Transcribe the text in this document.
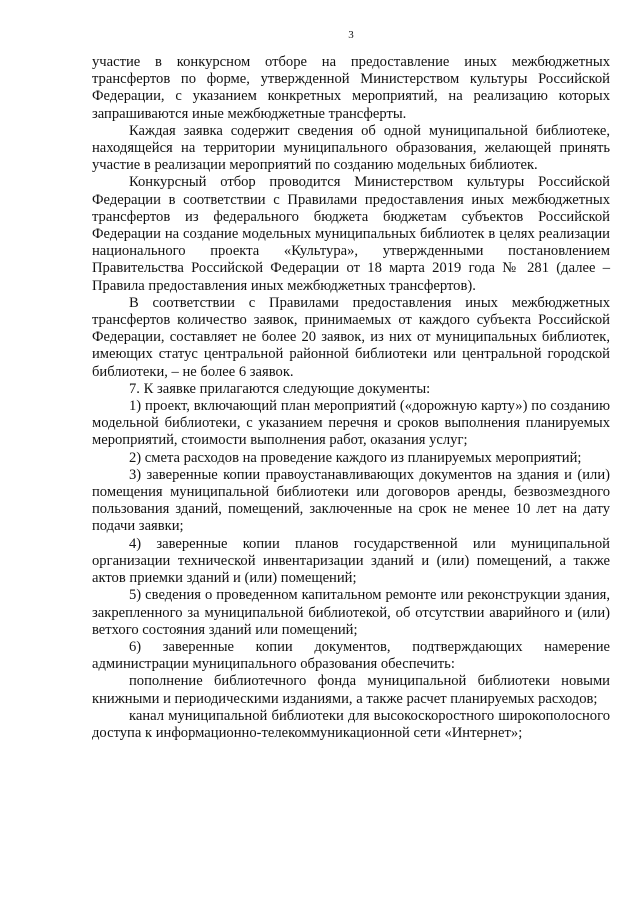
3

участие в конкурсном отборе на предоставление иных межбюджетных трансфертов по форме, утвержденной Министерством культуры Российской Федерации, с указанием конкретных мероприятий, на реализацию которых запрашиваются иные межбюджетные трансферты.

Каждая заявка содержит сведения об одной муниципальной библиотеке, находящейся на территории муниципального образования, желающей принять участие в реализации мероприятий по созданию модельных библиотек.

Конкурсный отбор проводится Министерством культуры Российской Федерации в соответствии с Правилами предоставления иных межбюджетных трансфертов из федерального бюджета бюджетам субъектов Российской Федерации на создание модельных муниципальных библиотек в целях реализации национального проекта «Культура», утвержденными постановлением Правительства Российской Федерации от 18 марта 2019 года № 281 (далее – Правила предоставления иных межбюджетных трансфертов).

В соответствии с Правилами предоставления иных межбюджетных трансфертов количество заявок, принимаемых от каждого субъекта Российской Федерации, составляет не более 20 заявок, из них от муниципальных библиотек, имеющих статус центральной районной библиотеки или центральной городской библиотеки, – не более 6 заявок.

7. К заявке прилагаются следующие документы:

1) проект, включающий план мероприятий («дорожную карту») по созданию модельной библиотеки, с указанием перечня и сроков выполнения планируемых мероприятий, стоимости выполнения работ, оказания услуг;

2) смета расходов на проведение каждого из планируемых мероприятий;

3) заверенные копии правоустанавливающих документов на здания и (или) помещения муниципальной библиотеки или договоров аренды, безвозмездного пользования зданий, помещений, заключенные на срок не менее 10 лет на дату подачи заявки;

4) заверенные копии планов государственной или муниципальной организации технической инвентаризации зданий и (или) помещений, а также актов приемки зданий и (или) помещений;

5) сведения о проведенном капитальном ремонте или реконструкции здания, закрепленного за муниципальной библиотекой, об отсутствии аварийного и (или) ветхого состояния зданий или помещений;

6) заверенные копии документов, подтверждающих намерение администрации муниципального образования обеспечить:

пополнение библиотечного фонда муниципальной библиотеки новыми книжными и периодическими изданиями, а также расчет планируемых расходов;

канал муниципальной библиотеки для высокоскоростного широкополосного доступа к информационно-телекоммуникационной сети «Интернет»;
